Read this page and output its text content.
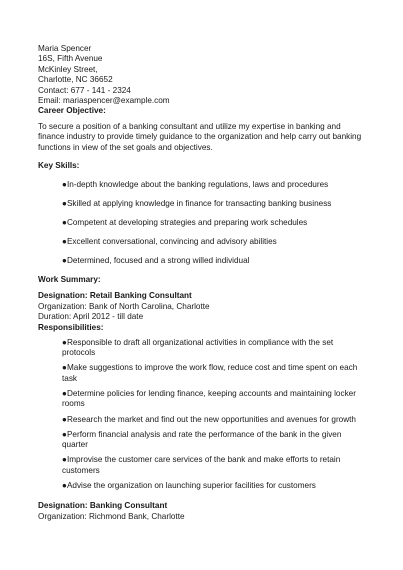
Maria Spencer
16S, Fifth Avenue
McKinley Street,
Charlotte, NC 36652
Contact: 677 - 141 - 2324
Email: mariaspencer@example.com
Career Objective:
To secure a position of a banking consultant and utilize my expertise in banking and finance industry to provide timely guidance to the organization and help carry out banking functions in view of the set goals and objectives.
Key Skills:
●In-depth knowledge about the banking regulations, laws and procedures
●Skilled at applying knowledge in finance for transacting banking business
●Competent at developing strategies and preparing work schedules
●Excellent conversational, convincing and advisory abilities
●Determined, focused and a strong willed individual
Work Summary:
Designation: Retail Banking Consultant
Organization: Bank of North Carolina, Charlotte
Duration: April 2012 - till date
Responsibilities:
●Responsible to draft all organizational activities in compliance with the set protocols
●Make suggestions to improve the work flow, reduce cost and time spent on each task
●Determine policies for lending finance, keeping accounts and maintaining locker rooms
●Research the market and find out the new opportunities and avenues for growth
●Perform financial analysis and rate the performance of the bank in the given quarter
●Improvise the customer care services of the bank and make efforts to retain customers
●Advise the organization on launching superior facilities for customers
Designation: Banking Consultant
Organization: Richmond Bank, Charlotte
